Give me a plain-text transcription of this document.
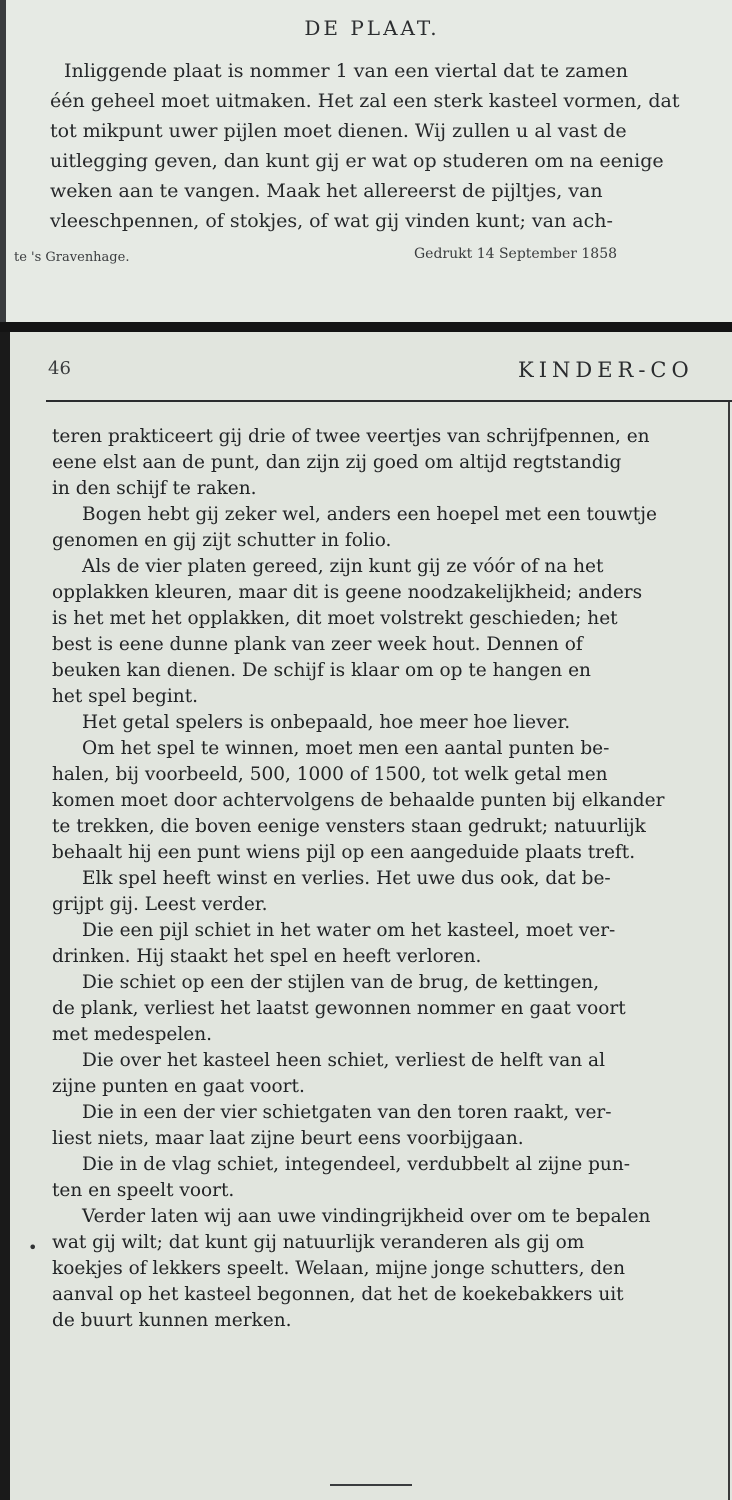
DE PLAAT.
Inliggende plaat is nommer 1 van een viertal dat te zamen
één geheel moet uitmaken. Het zal een sterk kasteel vormen, dat
tot mikpunt uwer pijlen moet dienen. Wij zullen u al vast de
uitlegging geven, dan kunt gij er wat op studeren om na eenige
weken aan te vangen. Maak het allereerst de pijltjes, van
vleeschpennen, of stokjes, of wat gij vinden kunt; van ach-
te 's Gravenhage.	Gedrukt 14 September 1858
46	KINDER-CO
•
teren prakticeert gij drie of twee veertjes van schrijfpennen, en
eene elst aan de punt, dan zijn zij goed om altijd regtstandig
in den schijf te raken.
Bogen hebt gij zeker wel, anders een hoepel met een touwtje
genomen en gij zijt schutter in folio.
Als de vier platen gereed, zijn kunt gij ze vóór of na het
opplakken kleuren, maar dit is geene noodzakelijkheid; anders
is het met het opplakken, dit moet volstrekt geschieden; het
best is eene dunne plank van zeer week hout. Dennen of
beuken kan dienen. De schijf is klaar om op te hangen en
het spel begint.
Het getal spelers is onbepaald, hoe meer hoe liever.
Om het spel te winnen, moet men een aantal punten be-
halen, bij voorbeeld, 500, 1000 of 1500, tot welk getal men
komen moet door achtervolgens de behaalde punten bij elkander
te trekken, die boven eenige vensters staan gedrukt; natuurlijk
behaalt hij een punt wiens pijl op een aangeduide plaats treft.
Elk spel heeft winst en verlies. Het uwe dus ook, dat be-
grijpt gij. Leest verder.
Die een pijl schiet in het water om het kasteel, moet ver-
drinken. Hij staakt het spel en heeft verloren.
Die schiet op een der stijlen van de brug, de kettingen,
de plank, verliest het laatst gewonnen nommer en gaat voort
met medespelen.
Die over het kasteel heen schiet, verliest de helft van al
zijne punten en gaat voort.
Die in een der vier schietgaten van den toren raakt, ver-
liest niets, maar laat zijne beurt eens voorbijgaan.
Die in de vlag schiet, integendeel, verdubbelt al zijne pun-
ten en speelt voort.
Verder laten wij aan uwe vindingrijkheid over om te bepalen
wat gij wilt; dat kunt gij natuurlijk veranderen als gij om
koekjes of lekkers speelt. Welaan, mijne jonge schutters, den
aanval op het kasteel begonnen, dat het de koekebakkers uit
de buurt kunnen merken.
